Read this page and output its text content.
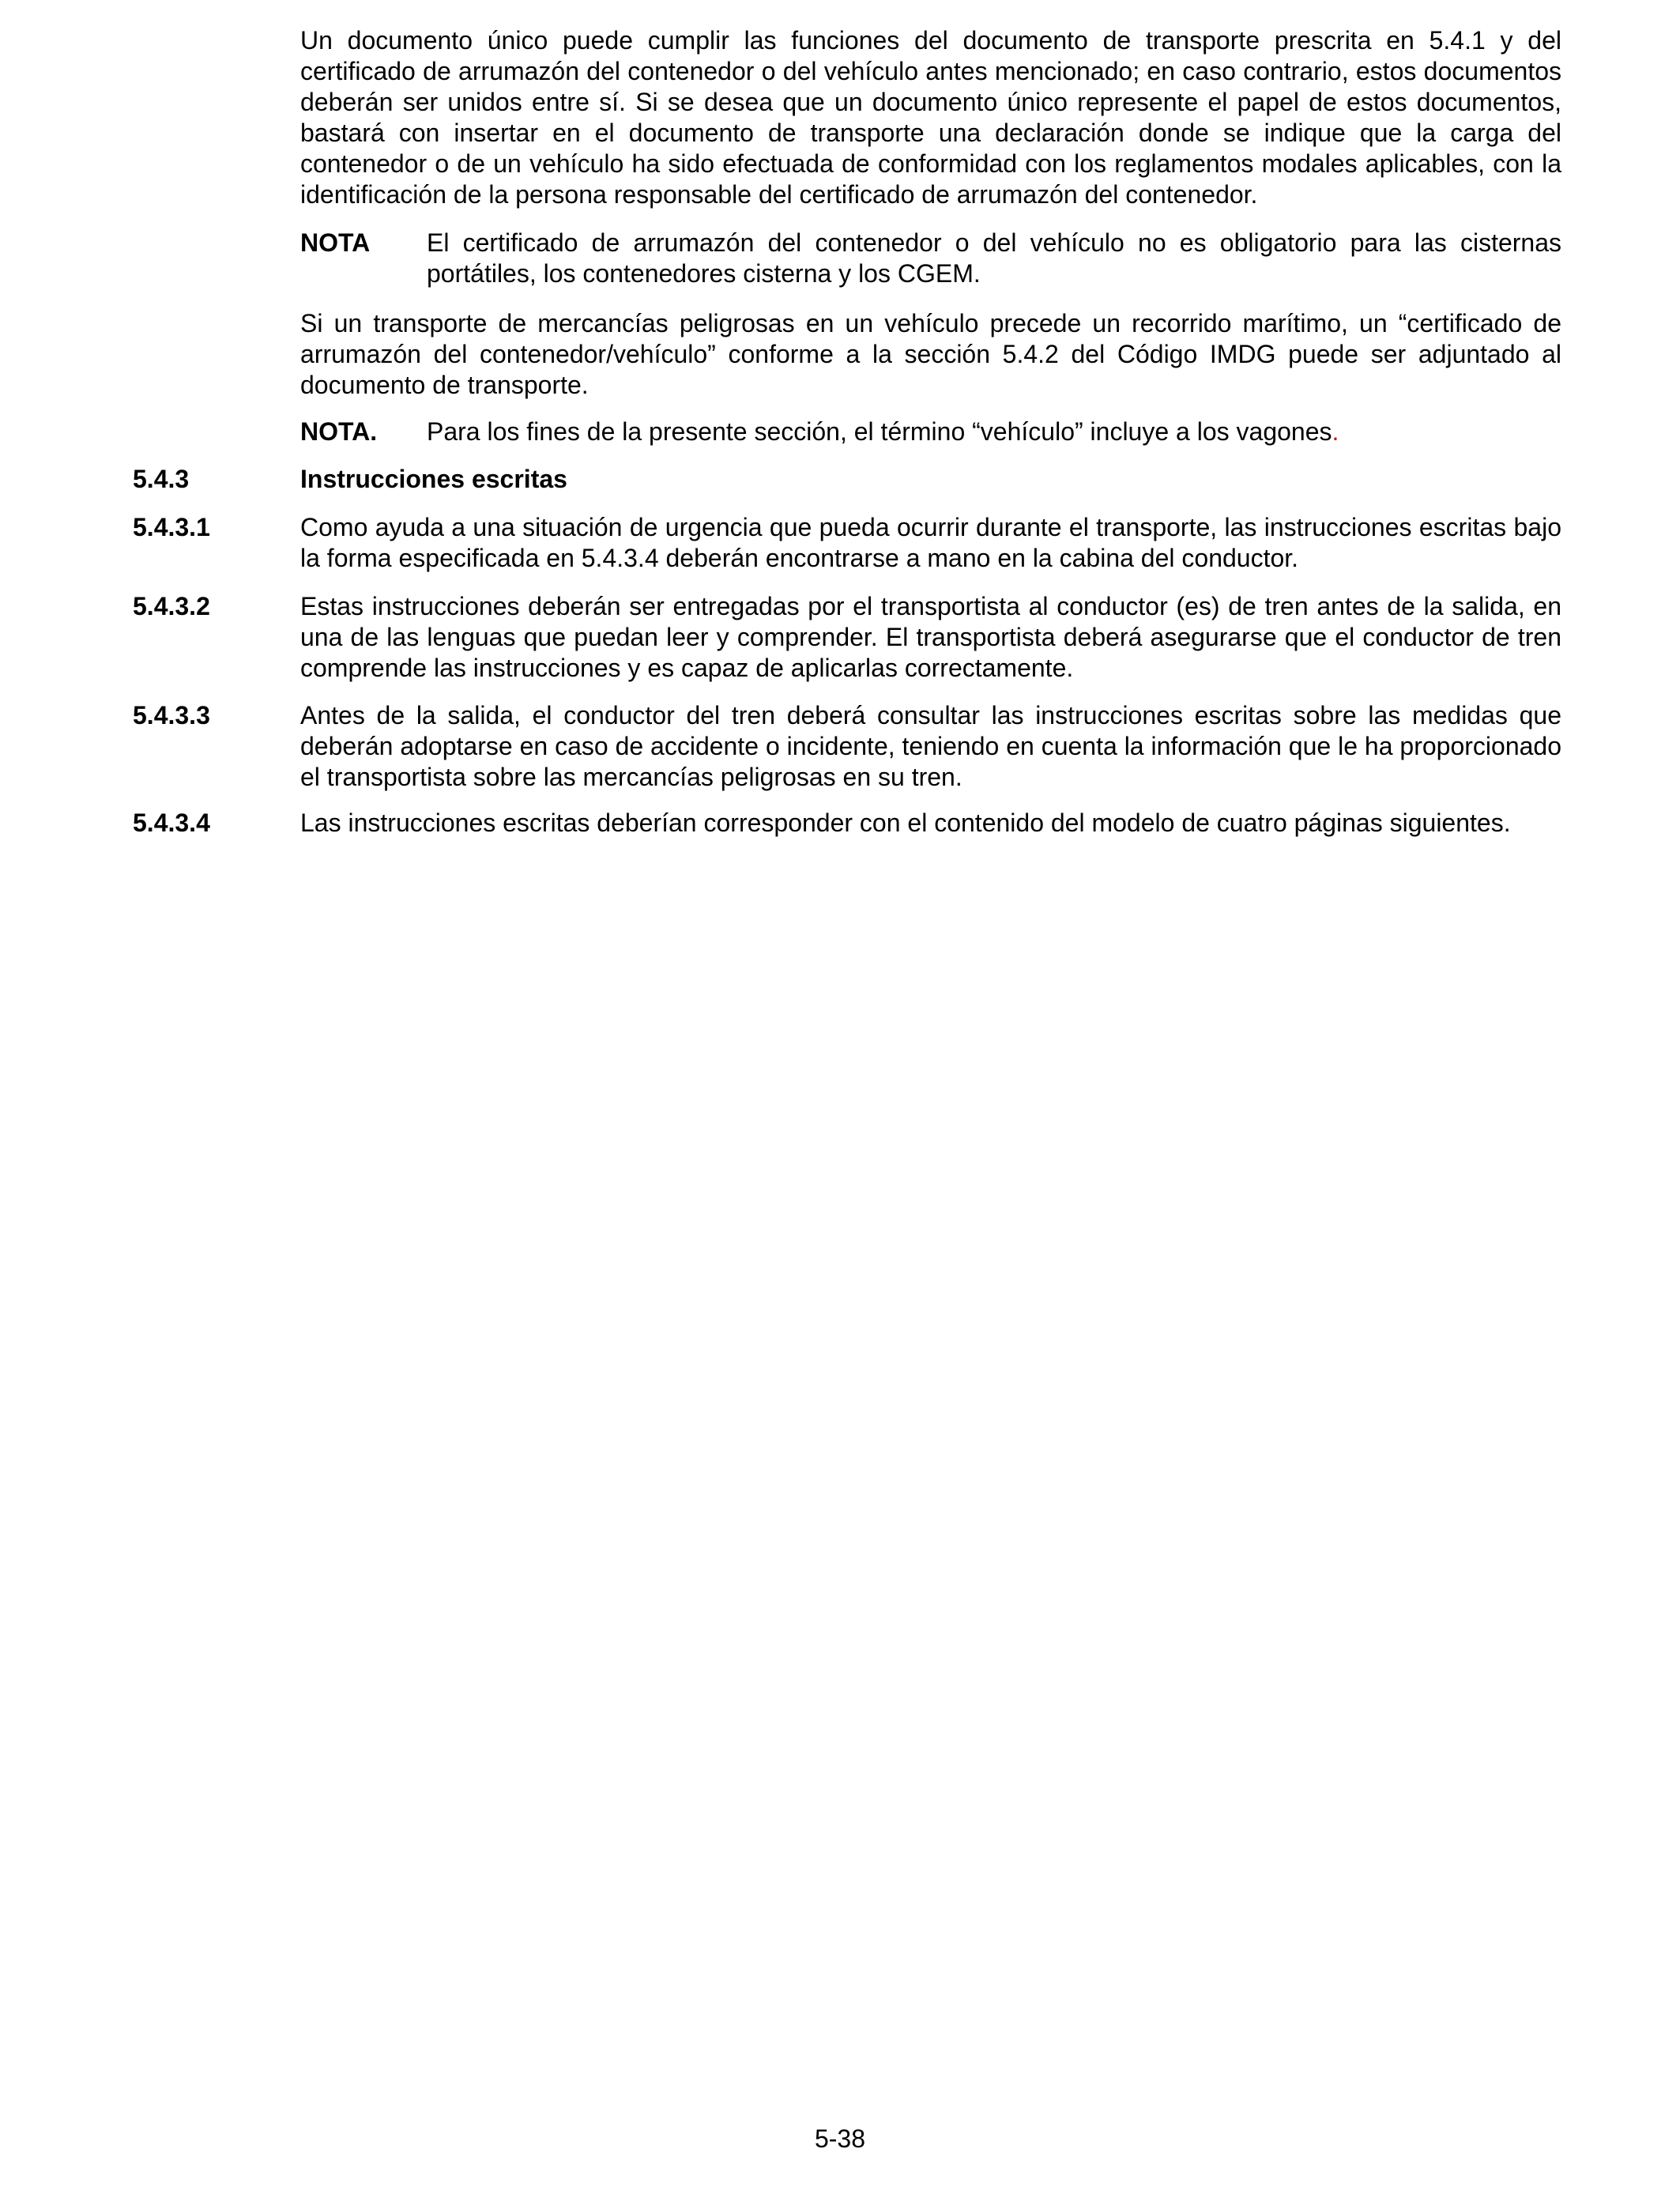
Un documento único puede cumplir las funciones del documento de transporte prescrita en 5.4.1 y del certificado de arrumazón del contenedor o del vehículo antes mencionado; en caso contrario, estos documentos deberán ser unidos entre sí. Si se desea que un documento único represente el papel de estos documentos, bastará con insertar en el documento de transporte una declaración donde se indique que la carga del contenedor o de un vehículo ha sido efectuada de conformidad con los reglamentos modales aplicables, con la identificación de la persona responsable del certificado de arrumazón del contenedor.

NOTA El certificado de arrumazón del contenedor o del vehículo no es obligatorio para las cisternas portátiles, los contenedores cisterna y los CGEM.

Si un transporte de mercancías peligrosas en un vehículo precede un recorrido marítimo, un “certificado de arrumazón del contenedor/vehículo” conforme a la sección 5.4.2 del Código IMDG puede ser adjuntado al documento de transporte.

NOTA. Para los fines de la presente sección, el término “vehículo” incluye a los vagones.
5.4.3	Instrucciones escritas
5.4.3.1	Como ayuda a una situación de urgencia que pueda ocurrir durante el transporte, las instrucciones escritas bajo la forma especificada en 5.4.3.4 deberán encontrarse a mano en la cabina del conductor.
5.4.3.2	Estas instrucciones deberán ser entregadas por el transportista al conductor (es) de tren antes de la salida, en una de las lenguas que puedan leer y comprender. El transportista deberá asegurarse que el conductor de tren comprende las instrucciones y es capaz de aplicarlas correctamente.
5.4.3.3	Antes de la salida, el conductor del tren deberá consultar las instrucciones escritas sobre las medidas que deberán adoptarse en caso de accidente o incidente, teniendo en cuenta la información que le ha proporcionado el transportista sobre las mercancías peligrosas en su tren.
5.4.3.4	Las instrucciones escritas deberían corresponder con el contenido del modelo de cuatro páginas siguientes.
5-38
